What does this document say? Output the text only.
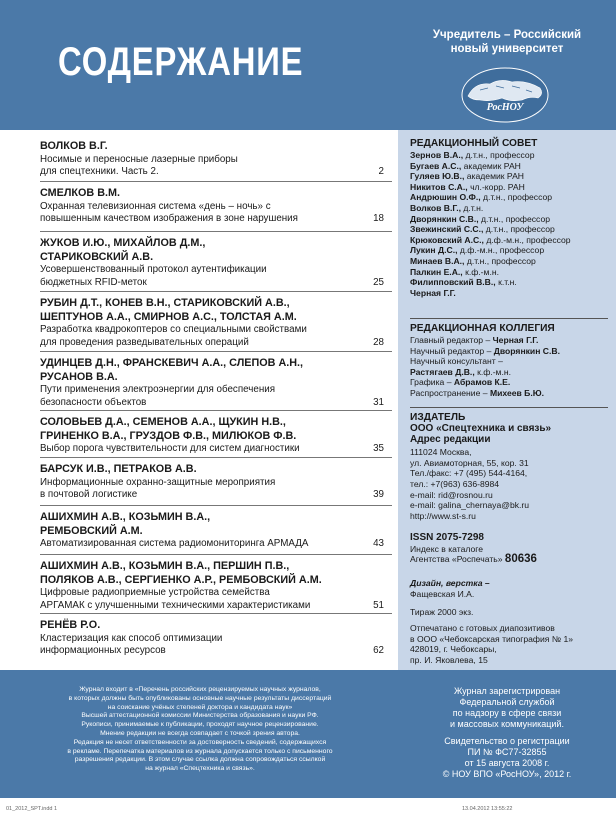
СОДЕРЖАНИЕ
Учредитель – Российский
новый университет
РосНОУ
ВОЛКОВ В.Г.
Носимые и переносные лазерные приборы
для спецтехники. Часть 2.	2
СМЕЛКОВ В.М.
Охранная телевизионная система «день – ночь» с
повышенным качеством изображения в зоне нарушения	18
ЖУКОВ И.Ю., МИХАЙЛОВ Д.М.,
СТАРИКОВСКИЙ А.В.
Усовершенствованный протокол аутентификации
бюджетных RFID-меток	25
РУБИН Д.Т., КОНЕВ В.Н., СТАРИКОВСКИЙ А.В.,
ШЕПТУНОВ А.А., СМИРНОВ А.С., ТОЛСТАЯ А.М.
Разработка квадрокоптеров со специальными свойствами
для проведения разведывательных операций	28
УДИНЦЕВ Д.Н., ФРАНСКЕВИЧ А.А., СЛЕПОВ А.Н.,
РУСАНОВ В.А.
Пути применения электроэнергии для обеспечения
безопасности объектов	31
СОЛОВЬЕВ Д.А., СЕМЕНОВ А.А., ЩУКИН Н.В.,
ГРИНЕНКО В.А., ГРУЗДОВ Ф.В., МИЛЮКОВ Ф.В.
Выбор порога чувствительности для систем диагностики	35
БАРСУК И.В., ПЕТРАКОВ А.В.
Информационные охранно-защитные мероприятия
в почтовой логистике	39
АШИХМИН А.В., КОЗЬМИН В.А.,
РЕМБОВСКИЙ А.М.
Автоматизированная система радиомониторинга АРМАДА	43
АШИХМИН А.В., КОЗЬМИН В.А., ПЕРШИН П.В.,
ПОЛЯКОВ А.В., СЕРГИЕНКО А.Р., РЕМБОВСКИЙ А.М.
Цифровые радиоприемные устройства семейства
АРГАМАК с улучшенными техническими характеристиками	51
РЕНЁВ Р.О.
Кластеризация как способ оптимизации
информационных ресурсов	62
РЕДАКЦИОННЫЙ СОВЕТ
Зернов В.А., д.т.н., профессор
Бугаев А.С., академик РАН
Гуляев Ю.В., академик РАН
Никитов С.А., чл.-корр. РАН
Андрюшин О.Ф., д.т.н., профессор
Волков В.Г., д.т.н.
Дворянкин С.В., д.т.н., профессор
Звежинский С.С., д.т.н., профессор
Крюковский А.С., д.ф.-м.н., профессор
Лукин Д.С., д.ф.-м.н., профессор
Минаев В.А., д.т.н., профессор
Палкин Е.А., к.ф.-м.н.
Филипповский В.В., к.т.н.
Черная Г.Г.
РЕДАКЦИОННАЯ КОЛЛЕГИЯ
Главный редактор – Черная Г.Г.
Научный редактор – Дворянкин С.В.
Научный консультант –
Растягаев Д.В., к.ф.-м.н.
Графика – Абрамов К.Е.
Распространение – Михеев Б.Ю.
ИЗДАТЕЛЬ
ООО «Спецтехника и связь»
Адрес редакции
111024 Москва,
ул. Авиамоторная, 55, кор. 31
Тел./факс: +7 (495) 544-4164,
тел.: +7(963) 636-8984
e-mail: rid@rosnou.ru
e-mail: galina_chernaya@bk.ru
http://www.st-s.ru
ISSN 2075-7298
Индекс в каталоге
Агентства «Роспечать» 80636
Дизайн, верстка –
Фащевская И.А.
Тираж 2000 экз.
Отпечатано с готовых диапозитивов
в ООО «Чебоксарская типография № 1»
428019, г. Чебоксары,
пр. И. Яковлева, 15
Журнал входит в «Перечень российских рецензируемых научных журналов,
в которых должны быть опубликованы основные научные результаты диссертаций
на соискание учёных степеней доктора и кандидата наук»
Высшей аттестационной комиссии Министерства образования и науки РФ.
Рукописи, принимаемые к публикации, проходят научное рецензирование.
Мнение редакции не всегда совпадает с точкой зрения автора.
Редакция не несет ответственности за достоверность сведений, содержащихся
в рекламе. Перепечатка материалов из журнала допускается только с письменного
разрешения редакции. В этом случае ссылка должна сопровождаться ссылкой
на журнал «Спецтехника и связь».
Журнал зарегистрирован
Федеральной службой
по надзору в сфере связи
и массовых коммуникаций.
Свидетельство о регистрации
ПИ № ФС77-32855
от 15 августа 2008 г.
© НОУ ВПО «РосНОУ», 2012 г.
01_2012_SPT.indd 1	13.04.2012 13:55:22
